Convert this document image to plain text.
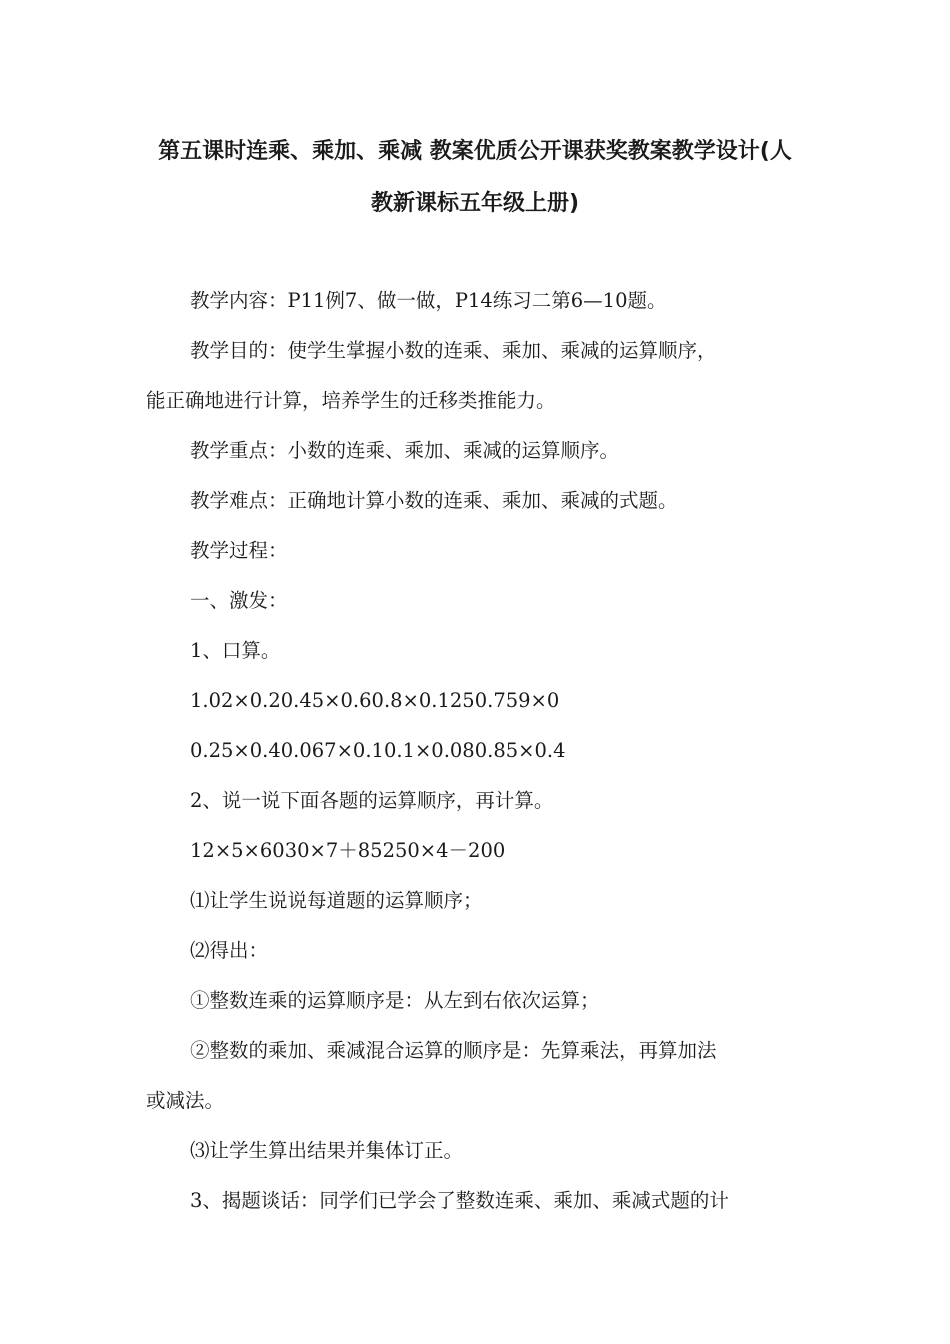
第五课时连乘、乘加、乘减 教案优质公开课获奖教案教学设计(人
教新课标五年级上册)

教学内容：P11例7、做一做，P14练习二第6—10题。

教学目的：使学生掌握小数的连乘、乘加、乘减的运算顺序，

能正确地进行计算，培养学生的迁移类推能力。

教学重点：小数的连乘、乘加、乘减的运算顺序。

教学难点：正确地计算小数的连乘、乘加、乘减的式题。

教学过程：

一、激发：

1、口算。

1.02×0.20.45×0.60.8×0.1250.759×0

0.25×0.40.067×0.10.1×0.080.85×0.4

2、说一说下面各题的运算顺序，再计算。

12×5×6030×7＋85250×4－200

⑴让学生说说每道题的运算顺序；

⑵得出：

①整数连乘的运算顺序是：从左到右依次运算；

②整数的乘加、乘减混合运算的顺序是：先算乘法，再算加法

或减法。

⑶让学生算出结果并集体订正。

3、揭题谈话：同学们已学会了整数连乘、乘加、乘减式题的计
